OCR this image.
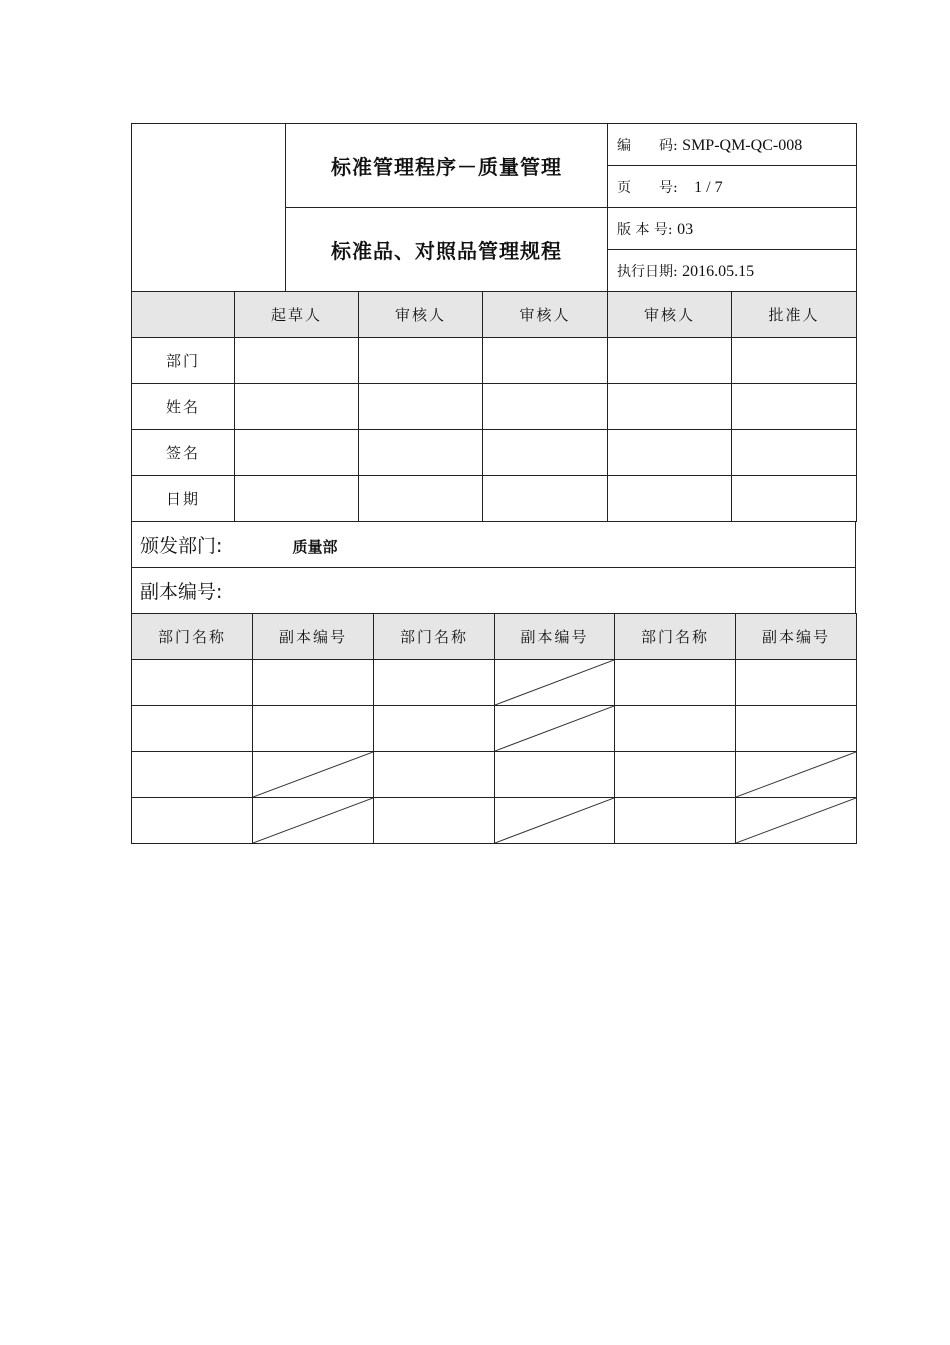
	标准管理程序－质量管理	编　　码: SMP-QM-QC-008
		页　　号: 1 / 7
	标准品、对照品管理规程	版 本 号: 03
		执行日期: 2016.05.15
	起草人	审核人	审核人	审核人	批准人
部门					
姓名					
签名					
日期					
颁发部门:	质量部
副本编号:
部门名称	副本编号	部门名称	副本编号	部门名称	副本编号
